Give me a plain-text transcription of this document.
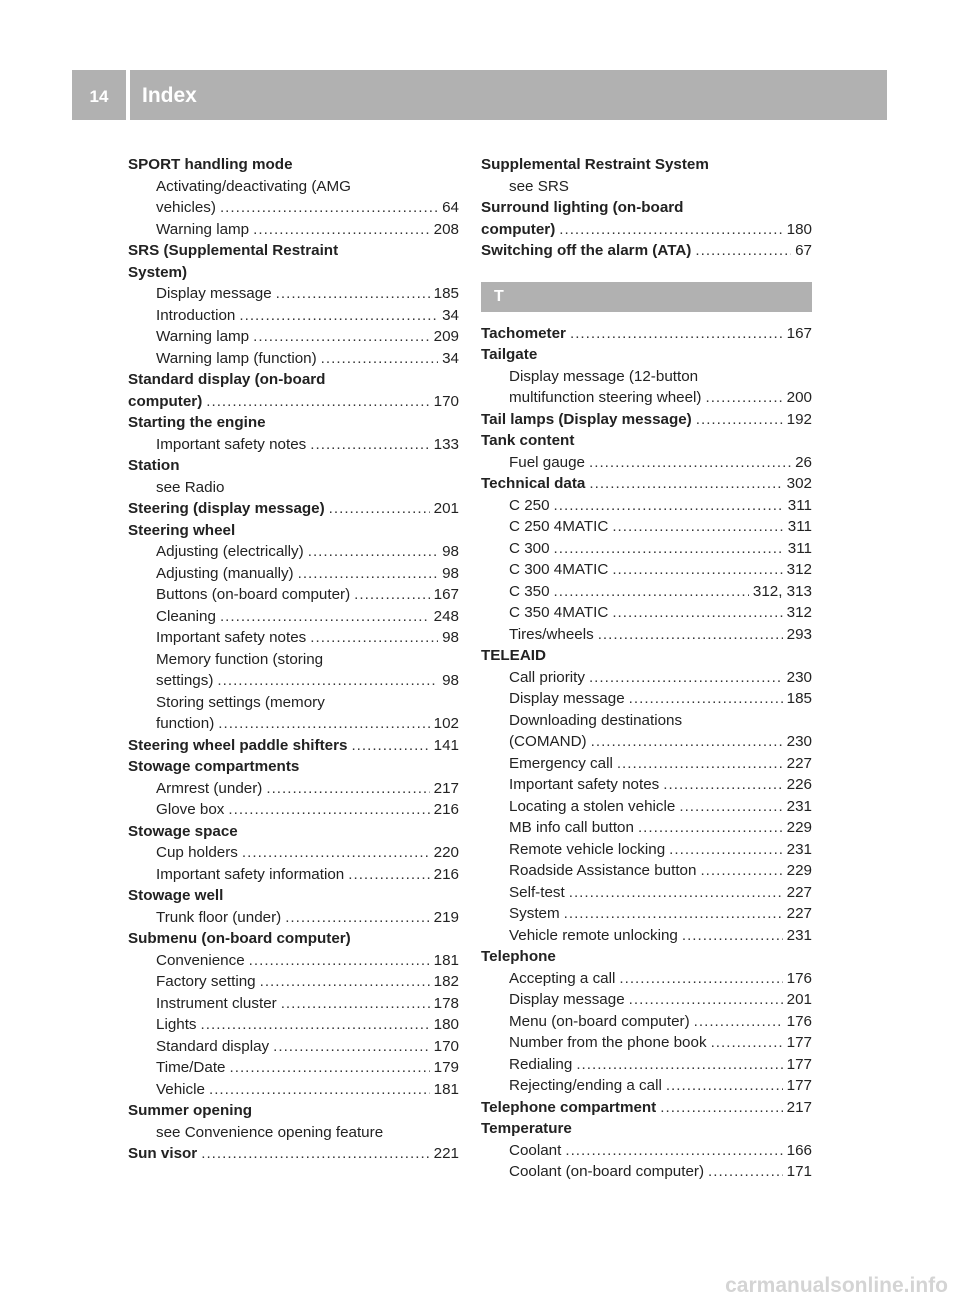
14	Index
SPORT handling mode
Activating/deactivating (AMG
vehicles) .....	64
Warning lamp .....	208
SRS (Supplemental Restraint
System)
Display message .....	185
Introduction .....	34
Warning lamp .....	209
Warning lamp (function) .....	34
Standard display (on-board
computer) .....	170
Starting the engine
Important safety notes .....	133
Station
see Radio
Steering (display message) .....	201
Steering wheel
Adjusting (electrically) .....	98
Adjusting (manually) .....	98
Buttons (on-board computer) .....	167
Cleaning .....	248
Important safety notes .....	98
Memory function (storing
settings) .....	98
Storing settings (memory
function) .....	102
Steering wheel paddle shifters .....	141
Stowage compartments
Armrest (under) .....	217
Glove box .....	216
Stowage space
Cup holders .....	220
Important safety information .....	216
Stowage well
Trunk floor (under) .....	219
Submenu (on-board computer)
Convenience .....	181
Factory setting .....	182
Instrument cluster .....	178
Lights .....	180
Standard display .....	170
Time/Date .....	179
Vehicle .....	181
Summer opening
see Convenience opening feature
Sun visor .....	221
Supplemental Restraint System
see SRS
Surround lighting (on-board
computer) .....	180
Switching off the alarm (ATA) .....	67
T
Tachometer .....	167
Tailgate
Display message (12-button
multifunction steering wheel) .....	200
Tail lamps (Display message) .....	192
Tank content
Fuel gauge .....	26
Technical data .....	302
C 250 .....	311
C 250 4MATIC .....	311
C 300 .....	311
C 300 4MATIC .....	312
C 350 .....	312, 313
C 350 4MATIC .....	312
Tires/wheels .....	293
TELEAID
Call priority .....	230
Display message .....	185
Downloading destinations
(COMAND) .....	230
Emergency call .....	227
Important safety notes .....	226
Locating a stolen vehicle .....	231
MB info call button .....	229
Remote vehicle locking .....	231
Roadside Assistance button .....	229
Self-test .....	227
System .....	227
Vehicle remote unlocking .....	231
Telephone
Accepting a call .....	176
Display message .....	201
Menu (on-board computer) .....	176
Number from the phone book .....	177
Redialing .....	177
Rejecting/ending a call .....	177
Telephone compartment .....	217
Temperature
Coolant .....	166
Coolant (on-board computer) .....	171
carmanualsonline.info
